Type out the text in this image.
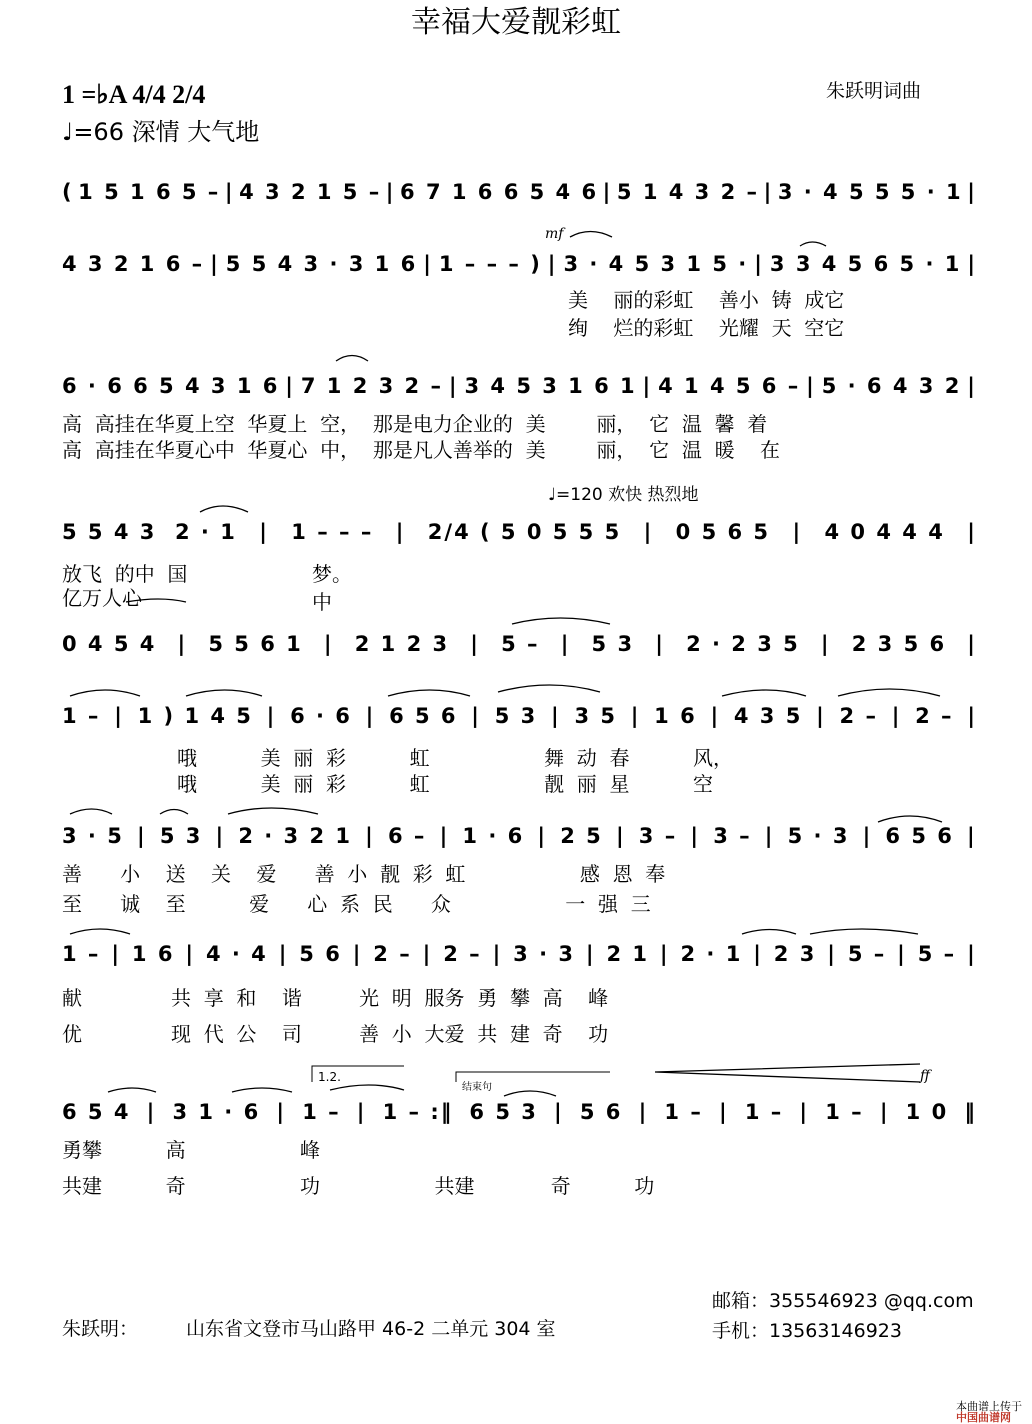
幸福大爱靓彩虹
1 =♭A 4/4 2/4	朱跃明词曲
♩=66 深情 大气地
♩=120 欢快 热烈地
mf
ff
结束句
1.2.
( 1 5 1 6 5 – | 4 3 2 1 5 – | 6 7 1 6 6 5 4 6 | 5 1 4 3 2 – | 3 · 4 5 5 5 · 1 |
4 3 2 1 6 – | 5 5 4 3 · 3 1 6 | 1 – – – ) | 3 · 4 5 3 1 5 · | 3 3 4 5 6 5 · 1 |
美    丽的彩虹    善小  铸  成它
绚    烂的彩虹    光耀  天  空它
6 · 6 6 5 4 3 1 6 | 7 1 2 3 2 – | 3 4 5 3 1 6 1 | 4 1 4 5 6 – | 5 · 6 4 3 2 |
高  高挂在华夏上空  华夏上  空，  那是电力企业的  美        丽，  它  温  馨  着
高  高挂在华夏心中  华夏心  中，  那是凡人善举的  美        丽，  它  温  暖    在
5 5 4 3  2 · 1 | 1 – – – | 2/4 ( 5 0 5 5 5 | 0 5 6 5 | 4 0 4 4 4 |
放飞  的中  国
亿万人心
梦。
中
0 4 5 4 | 5 5 6 1 | 2 1 2 3 | 5 – | 5 3 | 2 · 2 3 5 | 2 3 5 6 |
1 – | 1 ) 1 4 5 | 6 · 6 | 6 5 6 | 5 3 | 3 5 | 1 6 | 4 3 5 | 2 – | 2 – |
哦          美  丽  彩          虹                  舞  动  春          风，
哦          美  丽  彩          虹                  靓  丽  星          空
3 · 5 | 5 3 | 2 · 3 2 1 | 6 – | 1 · 6 | 2 5 | 3 – | 3 – | 5 · 3 | 6 5 6 |
善      小    送    关    爱      善  小  靓  彩  虹                  感  恩  奉
至      诚    至          爱      心  系  民      众                  一  强  三
1 – | 1 6 | 4 · 4 | 5 6 | 2 – | 2 – | 3 · 3 | 2 1 | 2 · 1 | 2 3 | 5 – | 5 – |
献              共  享  和    谐         光  明  服务  勇  攀  高    峰
优              现  代  公    司         善  小  大爱  共  建  奇    功
6 5 4 | 3 1 · 6 | 1 – | 1 – :‖ 6 5 3 | 5 6 | 1 – | 1 – | 1 – | 1 0 ‖
勇攀          高                  峰
共建          奇                  功                  共建            奇          功
朱跃明：	山东省文登市马山路甲 46-2 二单元 304 室
邮箱：355546923 @qq.com
手机：13563146923

本曲谱上传于
中国曲谱网
